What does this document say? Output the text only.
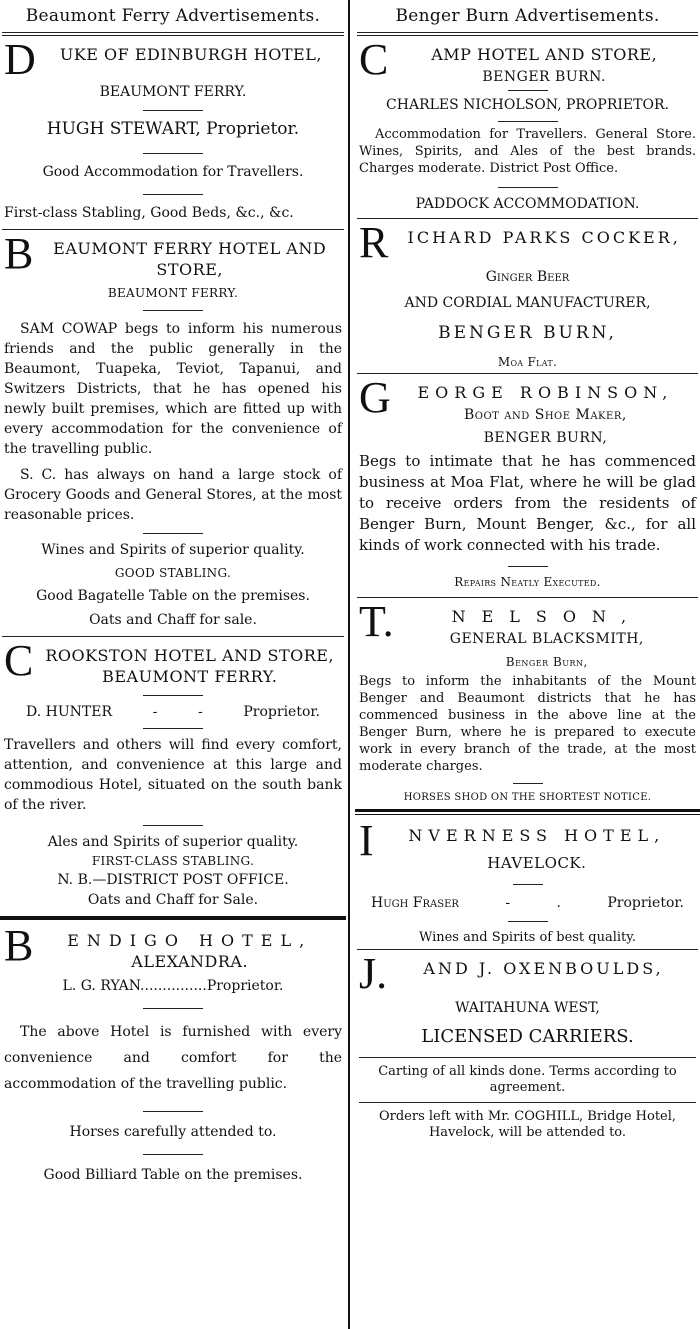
Beaumont Ferry Advertisements.
D	UKE OF EDINBURGH HOTEL,

BEAUMONT FERRY.

HUGH STEWART, Proprietor.

Good Accommodation for Travellers.

First-class Stabling, Good Beds, &c., &c.

B	EAUMONT FERRY HOTEL AND STORE,

BEAUMONT FERRY.

SAM COWAP begs to inform his numerous friends and the public generally in the Beaumont, Tuapeka, Teviot, Tapanui, and Switzers Districts, that he has opened his newly built premises, which are fitted up with every accommodation for the convenience of the travelling public.

S. C. has always on hand a large stock of Grocery Goods and General Stores, at the most reasonable prices.

Wines and Spirits of superior quality.

GOOD STABLING.

Good Bagatelle Table on the premises.

Oats and Chaff for sale.

C ROOKSTON HOTEL AND STORE,
BEAUMONT FERRY.
D. HUNTER	-	-	Proprietor.

Travellers and others will find every comfort, attention, and convenience at this large and commodious Hotel, situated on the south bank of the river.

Ales and Spirits of superior quality.

FIRST-CLASS STABLING.

N. B.—DISTRICT POST OFFICE.

Oats and Chaff for Sale.

B	ENDIGO HOTEL,
ALEXANDRA.

L. G. RYAN...............Proprietor.

The above Hotel is furnished with every convenience and comfort for the accommodation of the travelling public.

Horses carefully attended to.

Good Billiard Table on the premises.

Benger Burn Advertisements.
C	AMP HOTEL AND STORE,
BENGER BURN.

CHARLES NICHOLSON, PROPRIETOR.

Accommodation for Travellers. General Store. Wines, Spirits, and Ales of the best brands. Charges moderate. District Post Office.

PADDOCK ACCOMMODATION.

R	ICHARD PARKS COCKER,

Ginger Beer

AND CORDIAL MANUFACTURER,

BENGER BURN,

Moa Flat.

G	EORGE ROBINSON,
Boot and Shoe Maker,
BENGER BURN,

Begs to intimate that he has commenced business at Moa Flat, where he will be glad to receive orders from the residents of Benger Burn, Mount Benger, &c., for all kinds of work connected with his trade.

Repairs Neatly Executed.

T.	NELSON,
GENERAL BLACKSMITH,
Benger Burn,

Begs to inform the inhabitants of the Mount Benger and Beaumont districts that he has commenced business in the above line at the Benger Burn, where he is prepared to execute work in every branch of the trade, at the most moderate charges.

HORSES SHOD ON THE SHORTEST NOTICE.

I	NVERNESS HOTEL,
HAVELOCK.
Hugh Fraser	-	.	Proprietor.

Wines and Spirits of best quality.

J.	AND J. OXENBOULDS,

WAITAHUNA WEST,

LICENSED CARRIERS.

Carting of all kinds done. Terms according to agreement.

Orders left with Mr. COGHILL, Bridge Hotel, Havelock, will be attended to.
